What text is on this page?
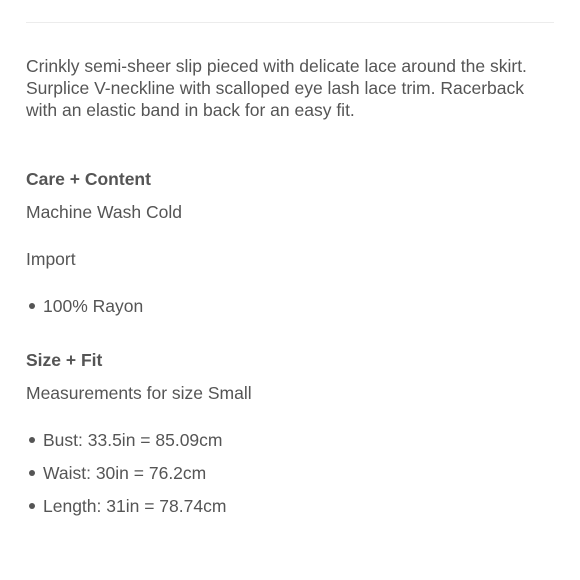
Crinkly semi-sheer slip pieced with delicate lace around the skirt. Surplice V-neckline with scalloped eye lash lace trim. Racerback with an elastic band in back for an easy fit.

Care + Content

Machine Wash Cold

Import

100% Rayon
Size + Fit

Measurements for size Small

Bust: 33.5in = 85.09cm
Waist: 30in = 76.2cm
Length: 31in = 78.74cm
